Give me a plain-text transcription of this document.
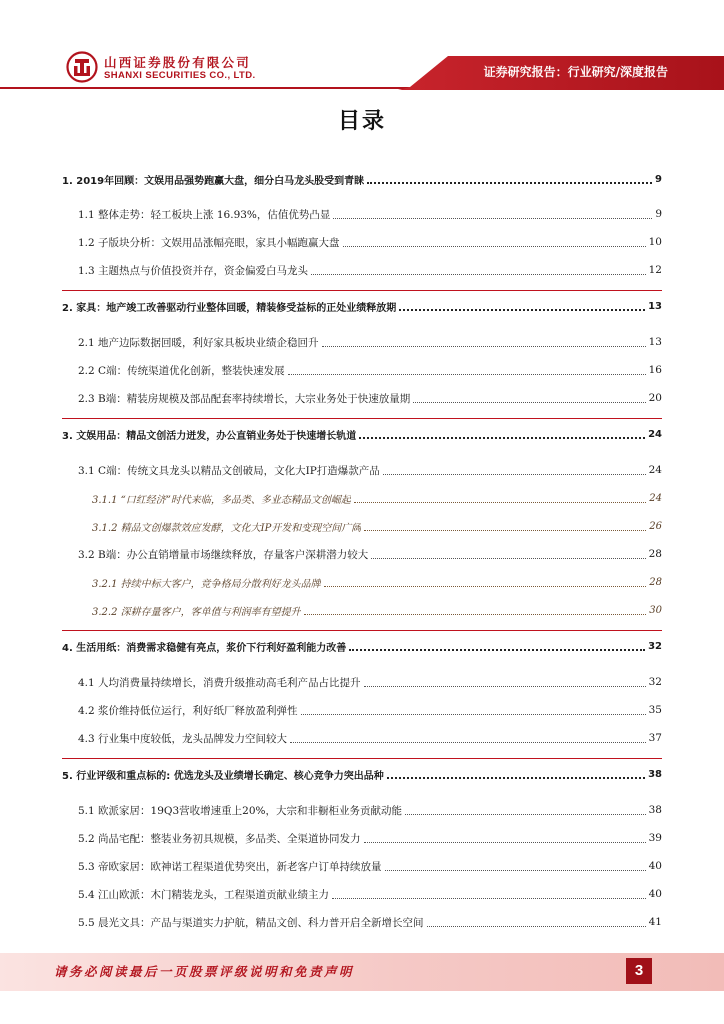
山西证券股份有限公司
SHANXI SECURITIES CO., LTD.	证券研究报告：行业研究/深度报告
目录
1. 2019年回顾：文娱用品强势跑赢大盘，细分白马龙头股受到青睐	9
1.1 整体走势：轻工板块上涨 16.93%，估值优势凸显	9
1.2 子版块分析：文娱用品涨幅亮眼，家具小幅跑赢大盘	10
1.3 主题热点与价值投资并存，资金偏爱白马龙头	12
2. 家具：地产竣工改善驱动行业整体回暖，精装修受益标的正处业绩释放期	13
2.1 地产边际数据回暖，利好家具板块业绩企稳回升	13
2.2 C端：传统渠道优化创新，整装快速发展	16
2.3 B端：精装房规模及部品配套率持续增长，大宗业务处于快速放量期	20
3. 文娱用品：精品文创活力迸发，办公直销业务处于快速增长轨道	24
3.1 C端：传统文具龙头以精品文创破局，文化大IP打造爆款产品	24
3.1.1 “口红经济”时代来临，多品类、多业态精品文创崛起	24
3.1.2 精品文创爆款效应发酵，文化大IP开发和变现空间广阔	26
3.2 B端：办公直销增量市场继续释放，存量客户深耕潜力较大	28
3.2.1 持续中标大客户，竞争格局分散利好龙头品牌	28
3.2.2 深耕存量客户，客单值与利润率有望提升	30
4. 生活用纸：消费需求稳健有亮点，浆价下行利好盈利能力改善	32
4.1 人均消费量持续增长，消费升级推动高毛利产品占比提升	32
4.2 浆价维持低位运行，利好纸厂释放盈利弹性	35
4.3 行业集中度较低，龙头品牌发力空间较大	37
5. 行业评级和重点标的: 优选龙头及业绩增长确定、核心竞争力突出品种	38
5.1 欧派家居：19Q3营收增速重上20%，大宗和非橱柜业务贡献动能	38
5.2 尚品宅配：整装业务初具规模，多品类、全渠道协同发力	39
5.3 帝欧家居：欧神诺工程渠道优势突出，新老客户订单持续放量	40
5.4 江山欧派：木门精装龙头，工程渠道贡献业绩主力	40
5.5 晨光文具：产品与渠道实力护航，精品文创、科力普开启全新增长空间	41
请务必阅读最后一页股票评级说明和免责声明	3
